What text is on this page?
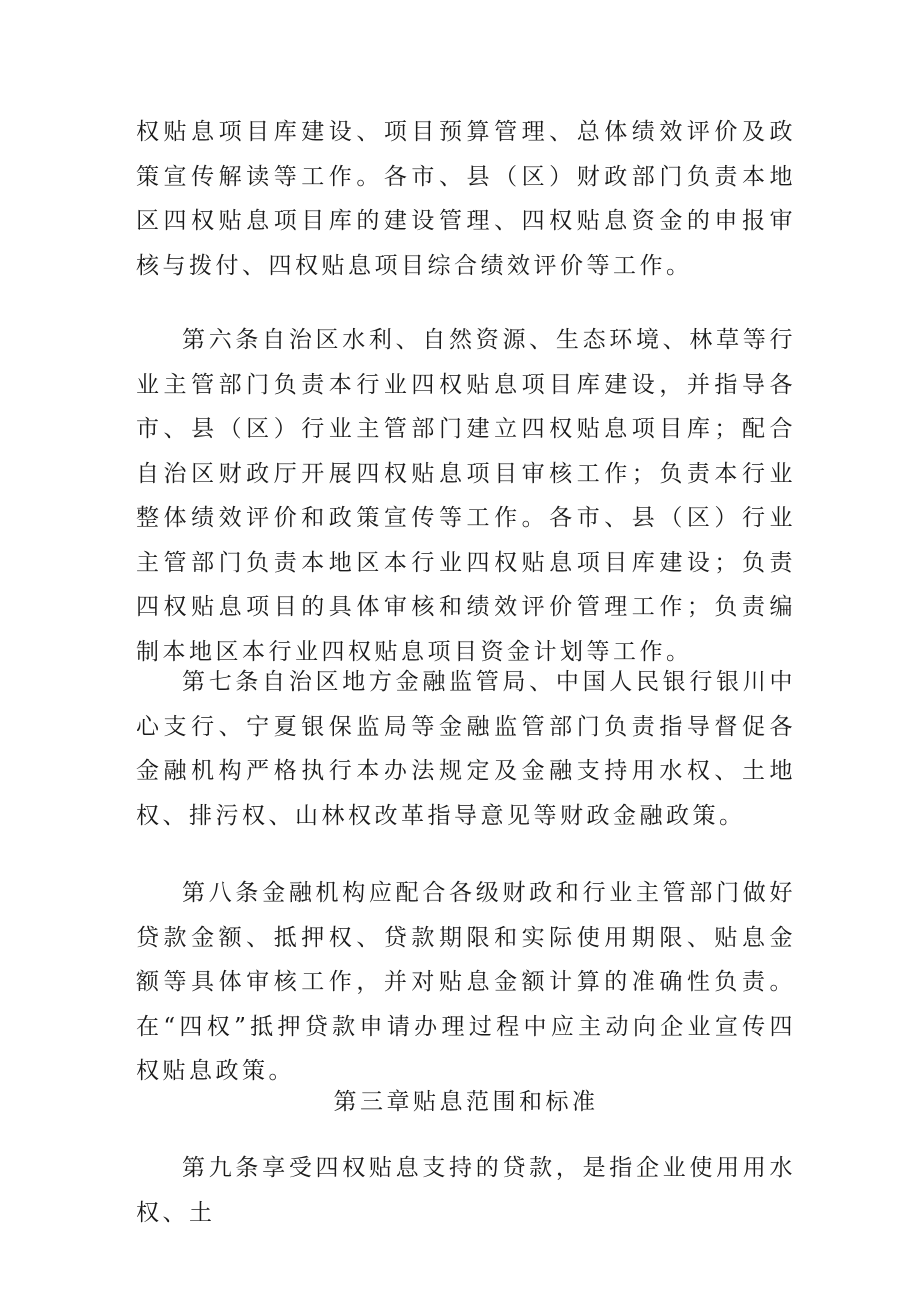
权贴息项目库建设、项目预算管理、总体绩效评价及政策宣传解读等工作。各市、县（区）财政部门负责本地区四权贴息项目库的建设管理、四权贴息资金的申报审核与拨付、四权贴息项目综合绩效评价等工作。

第六条自治区水利、自然资源、生态环境、林草等行业主管部门负责本行业四权贴息项目库建设，并指导各市、县（区）行业主管部门建立四权贴息项目库；配合自治区财政厅开展四权贴息项目审核工作；负责本行业整体绩效评价和政策宣传等工作。各市、县（区）行业主管部门负责本地区本行业四权贴息项目库建设；负责四权贴息项目的具体审核和绩效评价管理工作；负责编制本地区本行业四权贴息项目资金计划等工作。

第七条自治区地方金融监管局、中国人民银行银川中心支行、宁夏银保监局等金融监管部门负责指导督促各金融机构严格执行本办法规定及金融支持用水权、土地权、排污权、山林权改革指导意见等财政金融政策。

第八条金融机构应配合各级财政和行业主管部门做好贷款金额、抵押权、贷款期限和实际使用期限、贴息金额等具体审核工作，并对贴息金额计算的准确性负责。在“四权”抵押贷款申请办理过程中应主动向企业宣传四权贴息政策。

第三章贴息范围和标准

第九条享受四权贴息支持的贷款，是指企业使用用水权、土
